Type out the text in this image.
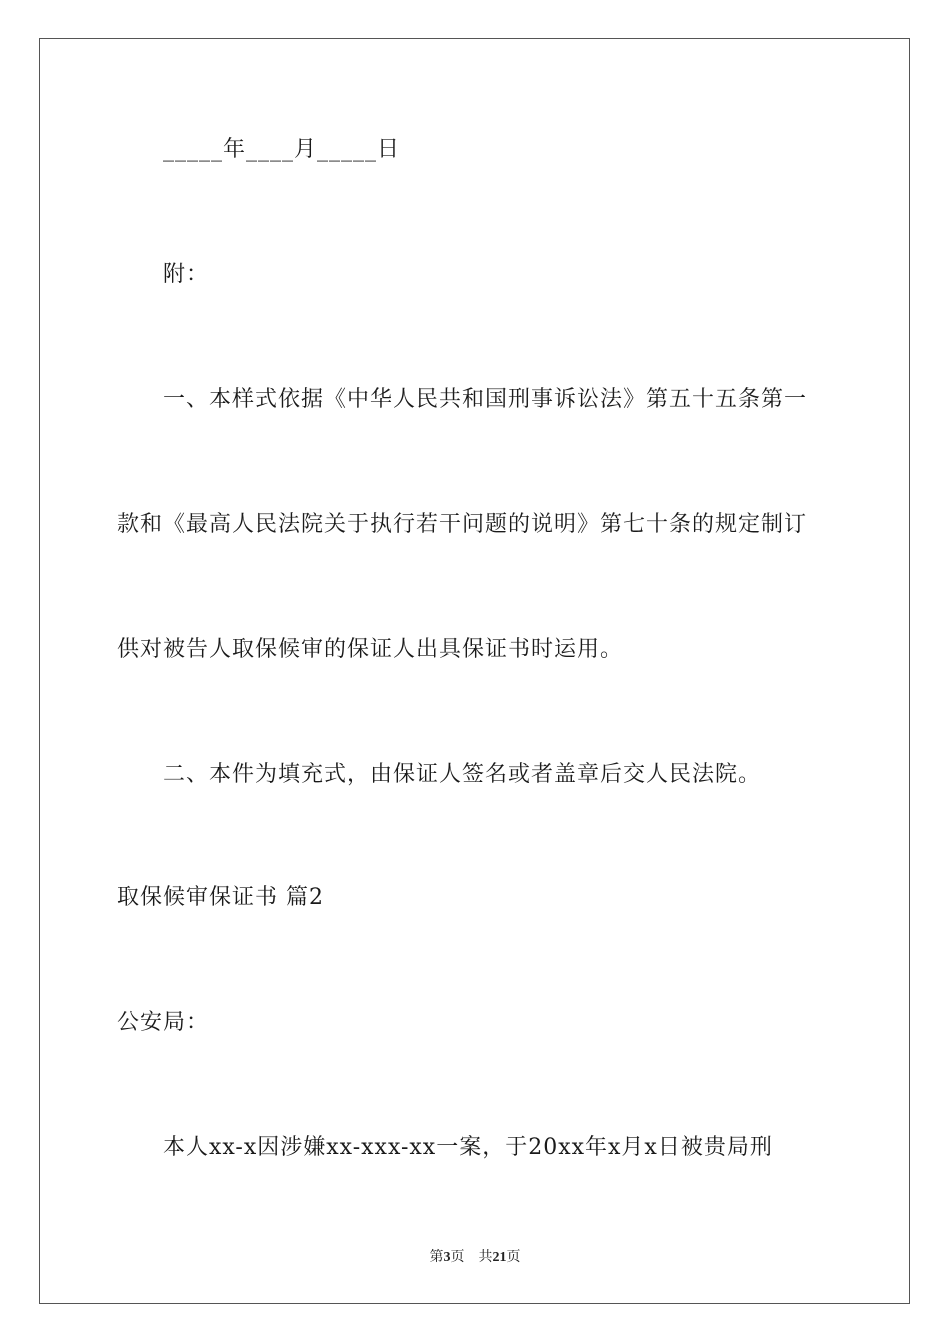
_____年____月_____日
附：
一、本样式依据《中华人民共和国刑事诉讼法》第五十五条第一
款和《最高人民法院关于执行若干问题的说明》第七十条的规定制订
供对被告人取保候审的保证人出具保证书时运用。
二、本件为填充式，由保证人签名或者盖章后交人民法院。
取保候审保证书 篇2
公安局：
本人xx-x因涉嫌xx-xxx-xx一案，于20xx年x月x日被贵局刑
第3页 共21页
